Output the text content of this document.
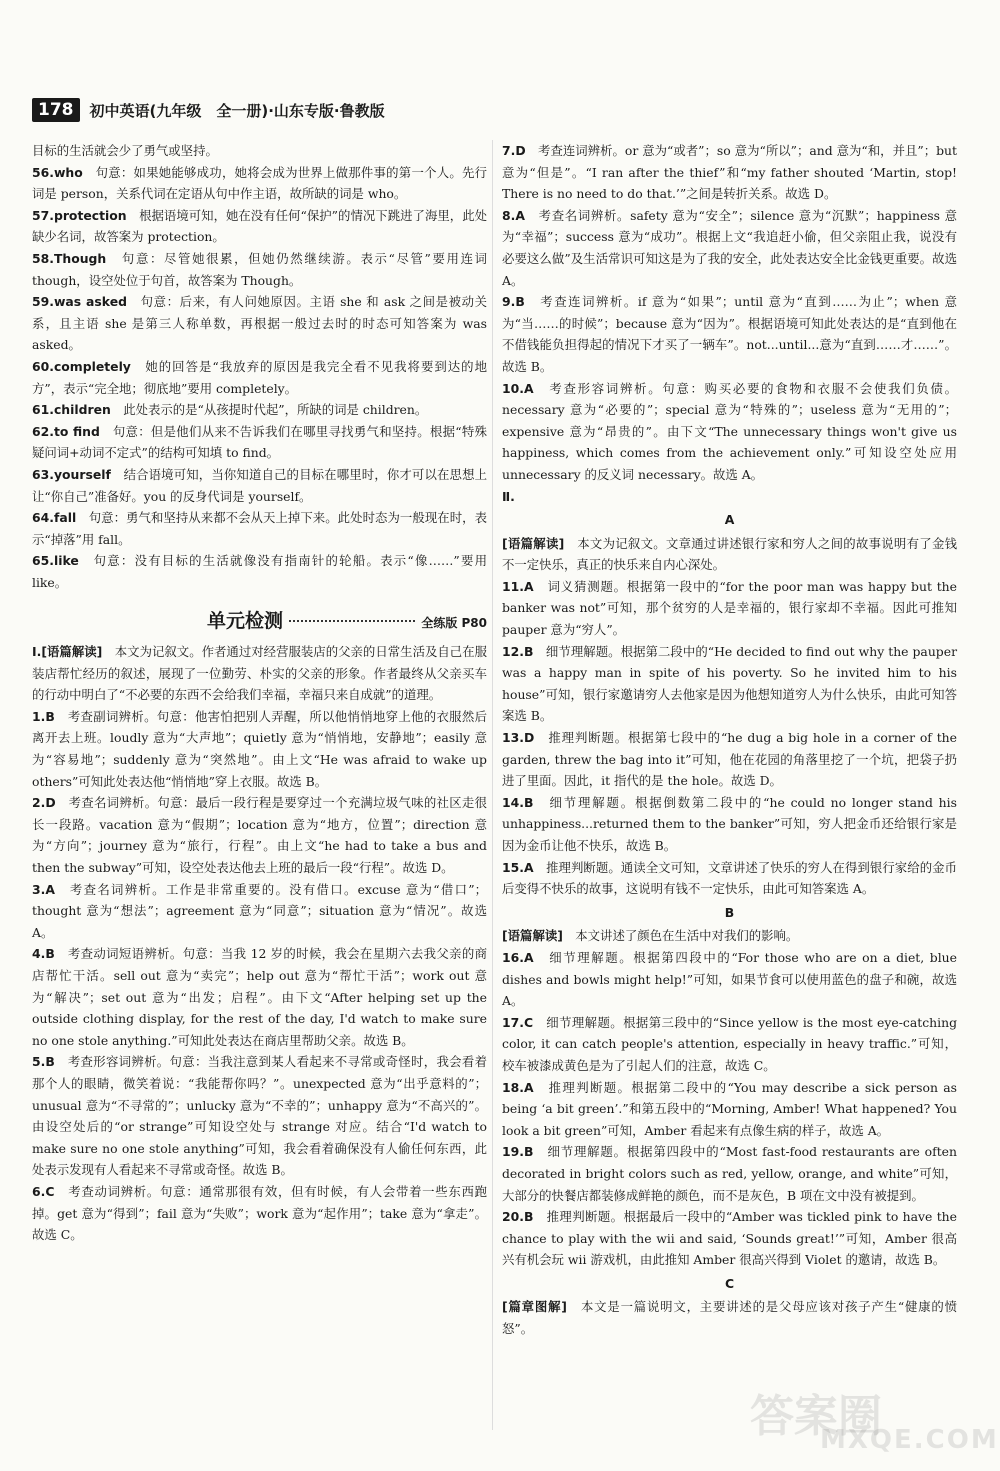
178	初中英语(九年级　全一册)·山东专版·鲁教版

目标的生活就会少了勇气或坚持。

56.who　句意：如果她能够成功，她将会成为世界上做那件事的第一个人。先行词是 person，关系代词在定语从句中作主语，故所缺的词是 who。

57.protection　根据语境可知，她在没有任何“保护”的情况下跳进了海里，此处缺少名词，故答案为 protection。

58.Though　句意：尽管她很累，但她仍然继续游。表示“尽管”要用连词 though，设空处位于句首，故答案为 Though。

59.was asked　句意：后来，有人问她原因。主语 she 和 ask 之间是被动关系，且主语 she 是第三人称单数，再根据一般过去时的时态可知答案为 was asked。

60.completely　她的回答是“我放弃的原因是我完全看不见我将要到达的地方”，表示“完全地；彻底地”要用 completely。

61.children　此处表示的是“从孩提时代起”，所缺的词是 children。

62.to find　句意：但是他们从来不告诉我们在哪里寻找勇气和坚持。根据“特殊疑问词+动词不定式”的结构可知填 to find。

63.yourself　结合语境可知，当你知道自己的目标在哪里时，你才可以在思想上让“你自己”准备好。you 的反身代词是 yourself。

64.fall　句意：勇气和坚持从来都不会从天上掉下来。此处时态为一般现在时，表示“掉落”用 fall。

65.like　句意：没有目标的生活就像没有指南针的轮船。表示“像……”要用 like。

单元检测	全练版 P80

Ⅰ.[语篇解读]　本文为记叙文。作者通过对经营服装店的父亲的日常生活及自己在服装店帮忙经历的叙述，展现了一位勤劳、朴实的父亲的形象。作者最终从父亲买车的行动中明白了“不必要的东西不会给我们幸福，幸福只来自成就”的道理。

1.B　考查副词辨析。句意：他害怕把别人弄醒，所以他悄悄地穿上他的衣服然后离开去上班。loudly 意为“大声地”；quietly 意为“悄悄地，安静地”；easily 意为“容易地”；suddenly 意为“突然地”。由上文“He was afraid to wake up others”可知此处表达他“悄悄地”穿上衣服。故选 B。

2.D　考查名词辨析。句意：最后一段行程是要穿过一个充满垃圾气味的社区走很长一段路。vacation 意为“假期”；location 意为“地方，位置”；direction 意为“方向”；journey 意为“旅行，行程”。由上文“he had to take a bus and then the subway”可知，设空处表达他去上班的最后一段“行程”。故选 D。

3.A　考查名词辨析。工作是非常重要的。没有借口。excuse 意为“借口”；thought 意为“想法”；agreement 意为“同意”；situation 意为“情况”。故选 A。

4.B　考查动词短语辨析。句意：当我 12 岁的时候，我会在星期六去我父亲的商店帮忙干活。sell out 意为“卖完”；help out 意为“帮忙干活”；work out 意为“解决”；set out 意为“出发；启程”。由下文“After helping set up the outside clothing display, for the rest of the day, I'd watch to make sure no one stole anything.”可知此处表达在商店里帮助父亲。故选 B。

5.B　考查形容词辨析。句意：当我注意到某人看起来不寻常或奇怪时，我会看着那个人的眼睛，微笑着说：“我能帮你吗？”。unexpected 意为“出乎意料的”；unusual 意为“不寻常的”；unlucky 意为“不幸的”；unhappy 意为“不高兴的”。由设空处后的“or strange”可知设空处与 strange 对应。结合“I'd watch to make sure no one stole anything”可知，我会看着确保没有人偷任何东西，此处表示发现有人看起来不寻常或奇怪。故选 B。

6.C　考查动词辨析。句意：通常那很有效，但有时候，有人会带着一些东西跑掉。get 意为“得到”；fail 意为“失败”；work 意为“起作用”；take 意为“拿走”。故选 C。

7.D　考查连词辨析。or 意为“或者”；so 意为“所以”；and 意为“和，并且”；but 意为“但是”。“I ran after the thief”和“my father shouted ‘Martin, stop! There is no need to do that.’”之间是转折关系。故选 D。

8.A　考查名词辨析。safety 意为“安全”；silence 意为“沉默”；happiness 意为“幸福”；success 意为“成功”。根据上文“我追赶小偷，但父亲阻止我，说没有必要这么做”及生活常识可知这是为了我的安全，此处表达安全比金钱更重要。故选 A。

9.B　考查连词辨析。if 意为“如果”；until 意为“直到……为止”；when 意为“当……的时候”；because 意为“因为”。根据语境可知此处表达的是“直到他在不借钱能负担得起的情况下才买了一辆车”。not...until...意为“直到……才……”。故选 B。

10.A　考查形容词辨析。句意：购买必要的食物和衣服不会使我们负债。necessary 意为“必要的”；special 意为“特殊的”；useless 意为“无用的”；expensive 意为“昂贵的”。由下文“The unnecessary things won't give us happiness, which comes from the achievement only.”可知设空处应用 unnecessary 的反义词 necessary。故选 A。

Ⅱ.

A

[语篇解读]　本文为记叙文。文章通过讲述银行家和穷人之间的故事说明有了金钱不一定快乐，真正的快乐来自内心深处。

11.A　词义猜测题。根据第一段中的“for the poor man was happy but the banker was not”可知，那个贫穷的人是幸福的，银行家却不幸福。因此可推知 pauper 意为“穷人”。

12.B　细节理解题。根据第二段中的“He decided to find out why the pauper was a happy man in spite of his poverty. So he invited him to his house”可知，银行家邀请穷人去他家是因为他想知道穷人为什么快乐，由此可知答案选 B。

13.D　推理判断题。根据第七段中的“he dug a big hole in a corner of the garden, threw the bag into it”可知，他在花园的角落里挖了一个坑，把袋子扔进了里面。因此，it 指代的是 the hole。故选 D。

14.B　细节理解题。根据倒数第二段中的“he could no longer stand his unhappiness...returned them to the banker”可知，穷人把金币还给银行家是因为金币让他不快乐，故选 B。

15.A　推理判断题。通读全文可知，文章讲述了快乐的穷人在得到银行家给的金币后变得不快乐的故事，这说明有钱不一定快乐，由此可知答案选 A。

B

[语篇解读]　本文讲述了颜色在生活中对我们的影响。

16.A　细节理解题。根据第四段中的“For those who are on a diet, blue dishes and bowls might help!”可知，如果节食可以使用蓝色的盘子和碗，故选 A。

17.C　细节理解题。根据第三段中的“Since yellow is the most eye-catching color, it can catch people's attention, especially in heavy traffic.”可知，校车被漆成黄色是为了引起人们的注意，故选 C。

18.A　推理判断题。根据第二段中的“You may describe a sick person as being ‘a bit green’.”和第五段中的“Morning, Amber! What happened? You look a bit green”可知，Amber 看起来有点像生病的样子，故选 A。

19.B　细节理解题。根据第四段中的“Most fast-food restaurants are often decorated in bright colors such as red, yellow, orange, and white”可知，大部分的快餐店都装修成鲜艳的颜色，而不是灰色，B 项在文中没有被提到。

20.B　推理判断题。根据最后一段中的“Amber was tickled pink to have the chance to play with the wii and said, ‘Sounds great!’”可知，Amber 很高兴有机会玩 wii 游戏机，由此推知 Amber 很高兴得到 Violet 的邀请，故选 B。

C

[篇章图解]　本文是一篇说明文，主要讲述的是父母应该对孩子产生“健康的愤怒”。

答案圈
MXQE.COM
